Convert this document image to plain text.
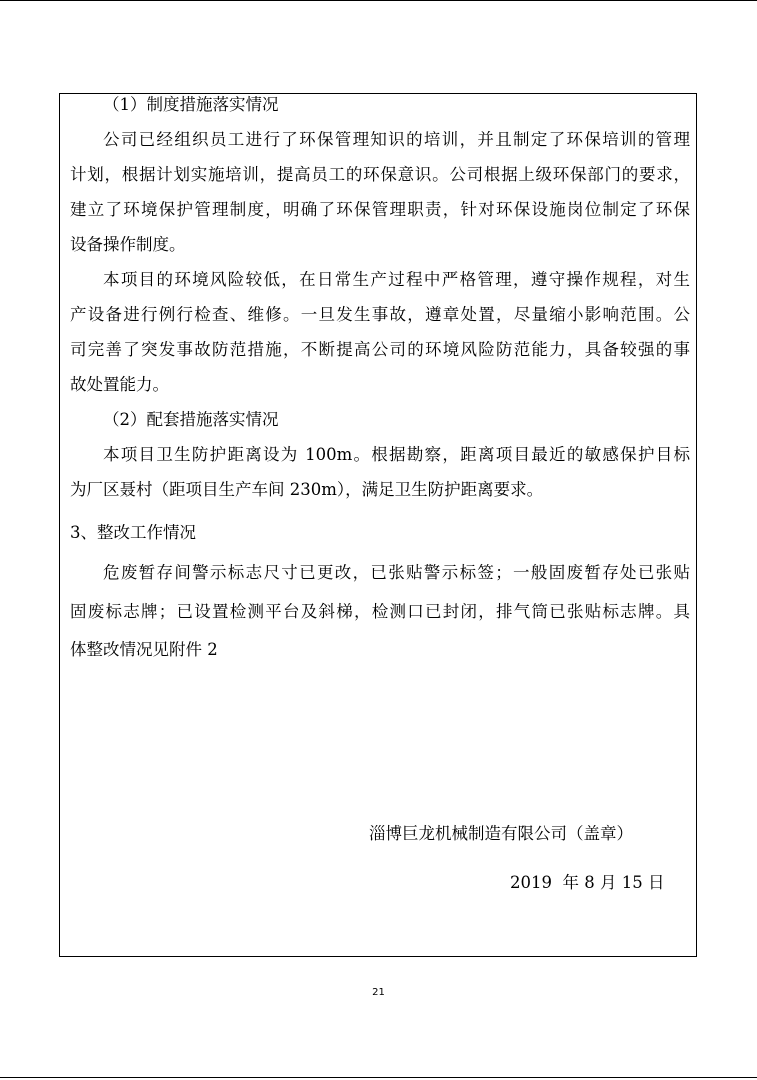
（1）制度措施落实情况
公司已经组织员工进行了环保管理知识的培训，并且制定了环保培训的管理
计划，根据计划实施培训，提高员工的环保意识。公司根据上级环保部门的要求，
建立了环境保护管理制度，明确了环保管理职责，针对环保设施岗位制定了环保
设备操作制度。
本项目的环境风险较低，在日常生产过程中严格管理，遵守操作规程，对生
产设备进行例行检查、维修。一旦发生事故，遵章处置，尽量缩小影响范围。公
司完善了突发事故防范措施，不断提高公司的环境风险防范能力，具备较强的事
故处置能力。
（2）配套措施落实情况
本项目卫生防护距离设为 100m。根据勘察，距离项目最近的敏感保护目标
为厂区聂村（距项目生产车间 230m），满足卫生防护距离要求。
3、整改工作情况
危废暂存间警示标志尺寸已更改，已张贴警示标签；一般固废暂存处已张贴
固废标志牌；已设置检测平台及斜梯，检测口已封闭，排气筒已张贴标志牌。具
体整改情况见附件 2
淄博巨龙机械制造有限公司（盖章）
2019  年 8 月 15 日
21
